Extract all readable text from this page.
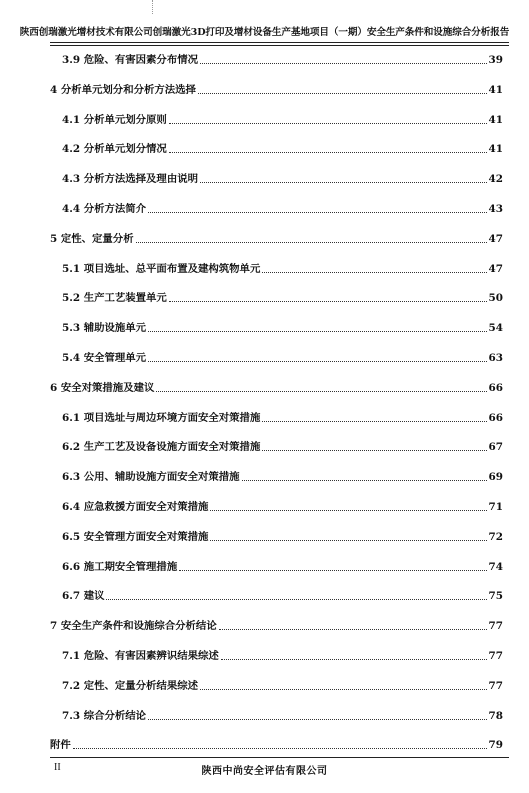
陕西创瑞激光增材技术有限公司创瑞激光3D打印及增材设备生产基地项目（一期）安全生产条件和设施综合分析报告
3.9 危险、有害因素分布情况	39
4 分析单元划分和分析方法选择	41
4.1 分析单元划分原则	41
4.2 分析单元划分情况	41
4.3 分析方法选择及理由说明	42
4.4 分析方法简介	43
5 定性、定量分析	47
5.1 项目选址、总平面布置及建构筑物单元	47
5.2 生产工艺装置单元	50
5.3 辅助设施单元	54
5.4 安全管理单元	63
6 安全对策措施及建议	66
6.1 项目选址与周边环境方面安全对策措施	66
6.2 生产工艺及设备设施方面安全对策措施	67
6.3 公用、辅助设施方面安全对策措施	69
6.4 应急救援方面安全对策措施	71
6.5 安全管理方面安全对策措施	72
6.6 施工期安全管理措施	74
6.7 建议	75
7 安全生产条件和设施综合分析结论	77
7.1 危险、有害因素辨识结果综述	77
7.2 定性、定量分析结果综述	77
7.3 综合分析结论	78
附件	79
II	陕西中尚安全评估有限公司
